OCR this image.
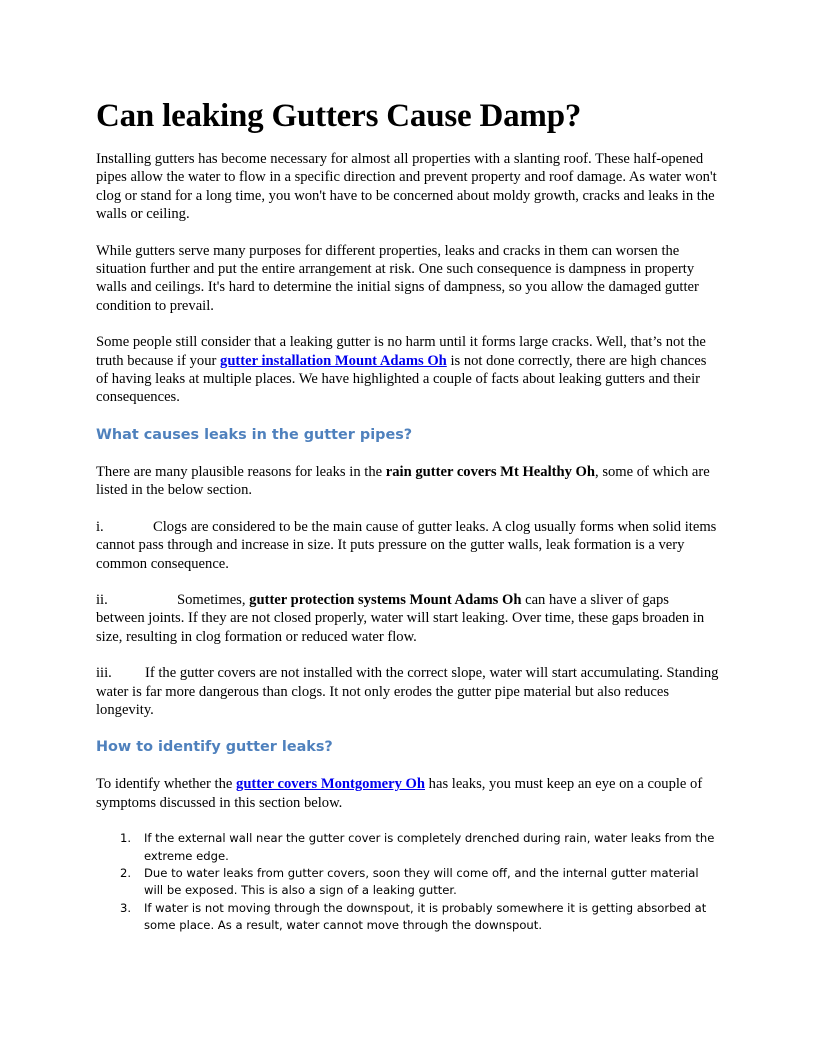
Can leaking Gutters Cause Damp?

Installing gutters has become necessary for almost all properties with a slanting roof. These half-opened pipes allow the water to flow in a specific direction and prevent property and roof damage. As water won't clog or stand for a long time, you won't have to be concerned about moldy growth, cracks and leaks in the walls or ceiling.

While gutters serve many purposes for different properties, leaks and cracks in them can worsen the situation further and put the entire arrangement at risk. One such consequence is dampness in property walls and ceilings. It's hard to determine the initial signs of dampness, so you allow the damaged gutter condition to prevail.

Some people still consider that a leaking gutter is no harm until it forms large cracks. Well, that’s not the truth because if your gutter installation Mount Adams Oh is not done correctly, there are high chances of having leaks at multiple places. We have highlighted a couple of facts about leaking gutters and their consequences.

What causes leaks in the gutter pipes?

There are many plausible reasons for leaks in the rain gutter covers Mt Healthy Oh, some of which are listed in the below section.

i.	Clogs are considered to be the main cause of gutter leaks. A clog usually forms when solid items cannot pass through and increase in size. It puts pressure on the gutter walls, leak formation is a very common consequence.

ii.	Sometimes, gutter protection systems Mount Adams Oh can have a sliver of gaps between joints. If they are not closed properly, water will start leaking. Over time, these gaps broaden in size, resulting in clog formation or reduced water flow.

iii. If the gutter covers are not installed with the correct slope, water will start accumulating. Standing water is far more dangerous than clogs. It not only erodes the gutter pipe material but also reduces longevity.

How to identify gutter leaks?

To identify whether the gutter covers Montgomery Oh has leaks, you must keep an eye on a couple of symptoms discussed in this section below.

1.	If the external wall near the gutter cover is completely drenched during rain, water leaks from the extreme edge.
2.	Due to water leaks from gutter covers, soon they will come off, and the internal gutter material will be exposed. This is also a sign of a leaking gutter.
3.	If water is not moving through the downspout, it is probably somewhere it is getting absorbed at some place. As a result, water cannot move through the downspout.
